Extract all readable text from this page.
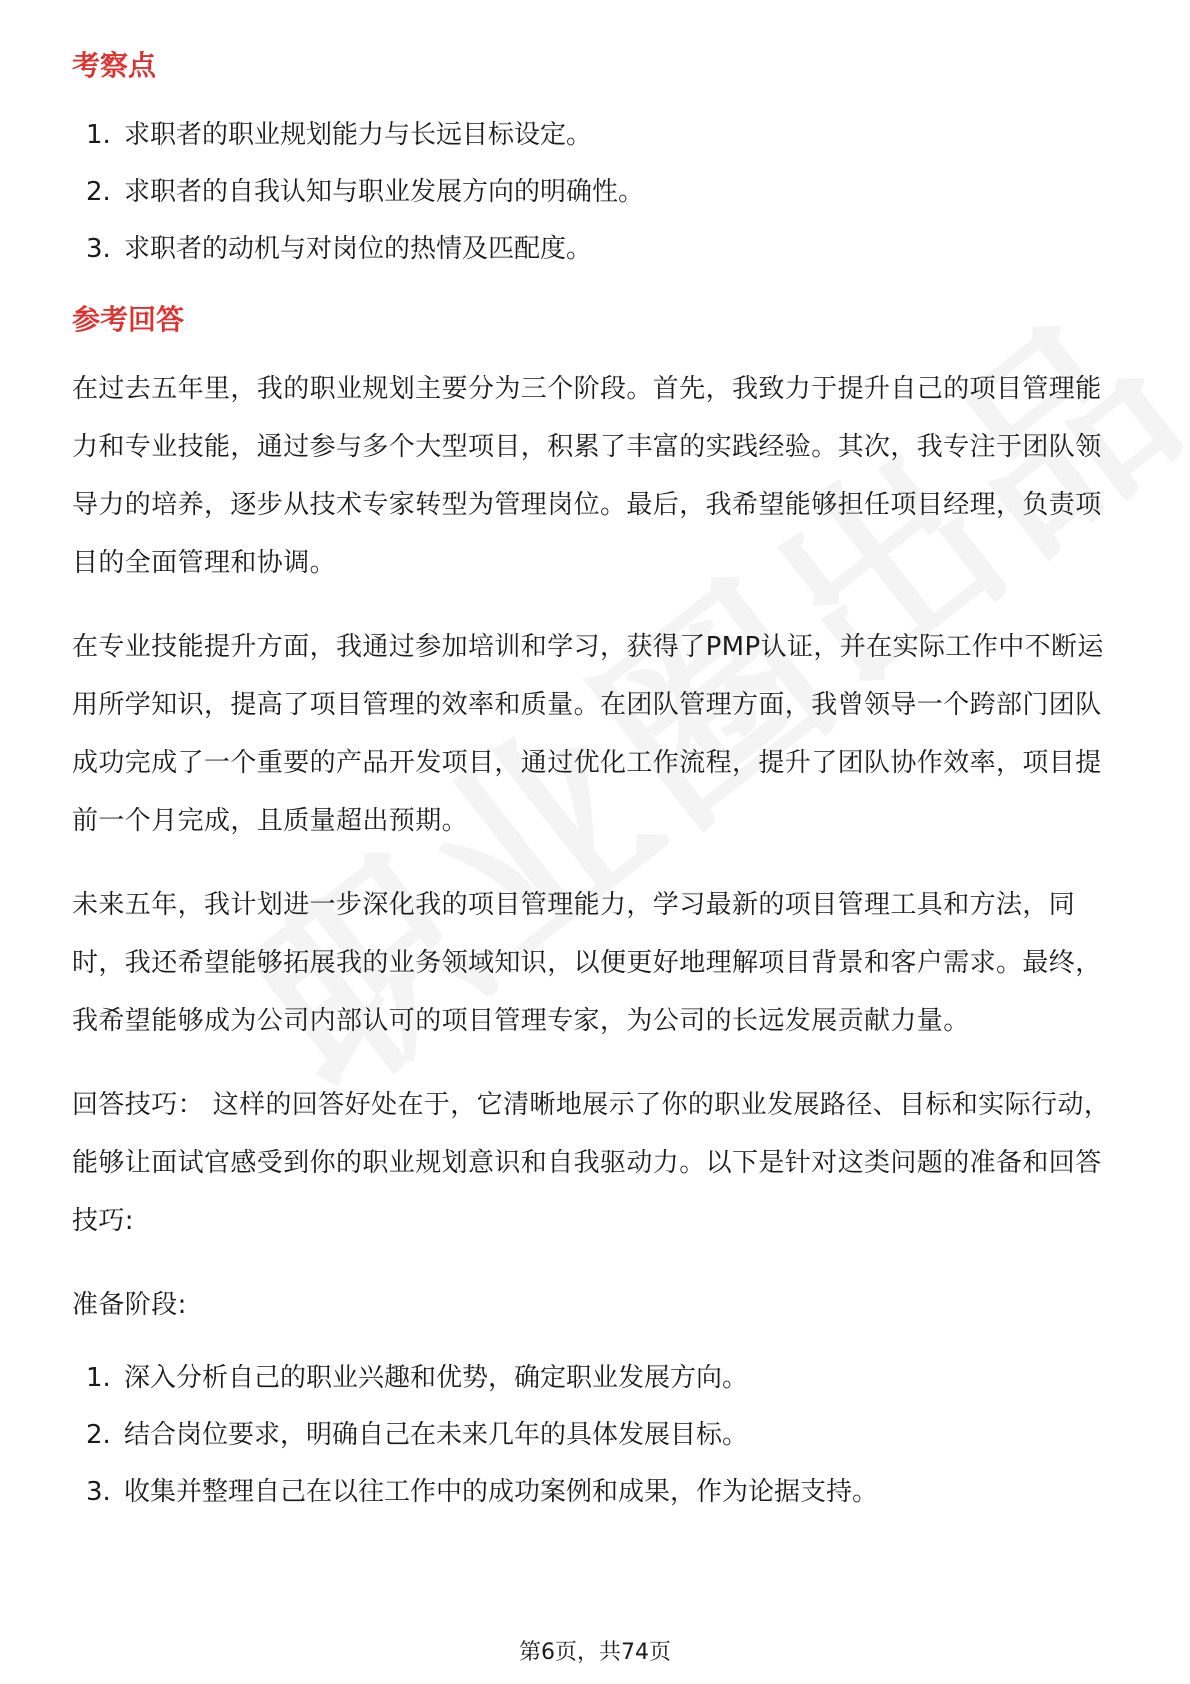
考察点
1. 求职者的职业规划能力与长远目标设定。
2. 求职者的自我认知与职业发展方向的明确性。
3. 求职者的动机与对岗位的热情及匹配度。
参考回答

在过去五年里，我的职业规划主要分为三个阶段。首先，我致力于提升自己的项目管理能力和专业技能，通过参与多个大型项目，积累了丰富的实践经验。其次，我专注于团队领导力的培养，逐步从技术专家转型为管理岗位。最后，我希望能够担任项目经理，负责项目的全面管理和协调。

在专业技能提升方面，我通过参加培训和学习，获得了PMP认证，并在实际工作中不断运用所学知识，提高了项目管理的效率和质量。在团队管理方面，我曾领导一个跨部门团队成功完成了一个重要的产品开发项目，通过优化工作流程，提升了团队协作效率，项目提前一个月完成，且质量超出预期。

未来五年，我计划进一步深化我的项目管理能力，学习最新的项目管理工具和方法，同时，我还希望能够拓展我的业务领域知识，以便更好地理解项目背景和客户需求。最终，我希望能够成为公司内部认可的项目管理专家，为公司的长远发展贡献力量。

回答技巧： 这样的回答好处在于，它清晰地展示了你的职业发展路径、目标和实际行动，能够让面试官感受到你的职业规划意识和自我驱动力。以下是针对这类问题的准备和回答技巧:

准备阶段:

1. 深入分析自己的职业兴趣和优势，确定职业发展方向。
2. 结合岗位要求，明确自己在未来几年的具体发展目标。
3. 收集并整理自己在以往工作中的成功案例和成果，作为论据支持。
第6页，共74页
